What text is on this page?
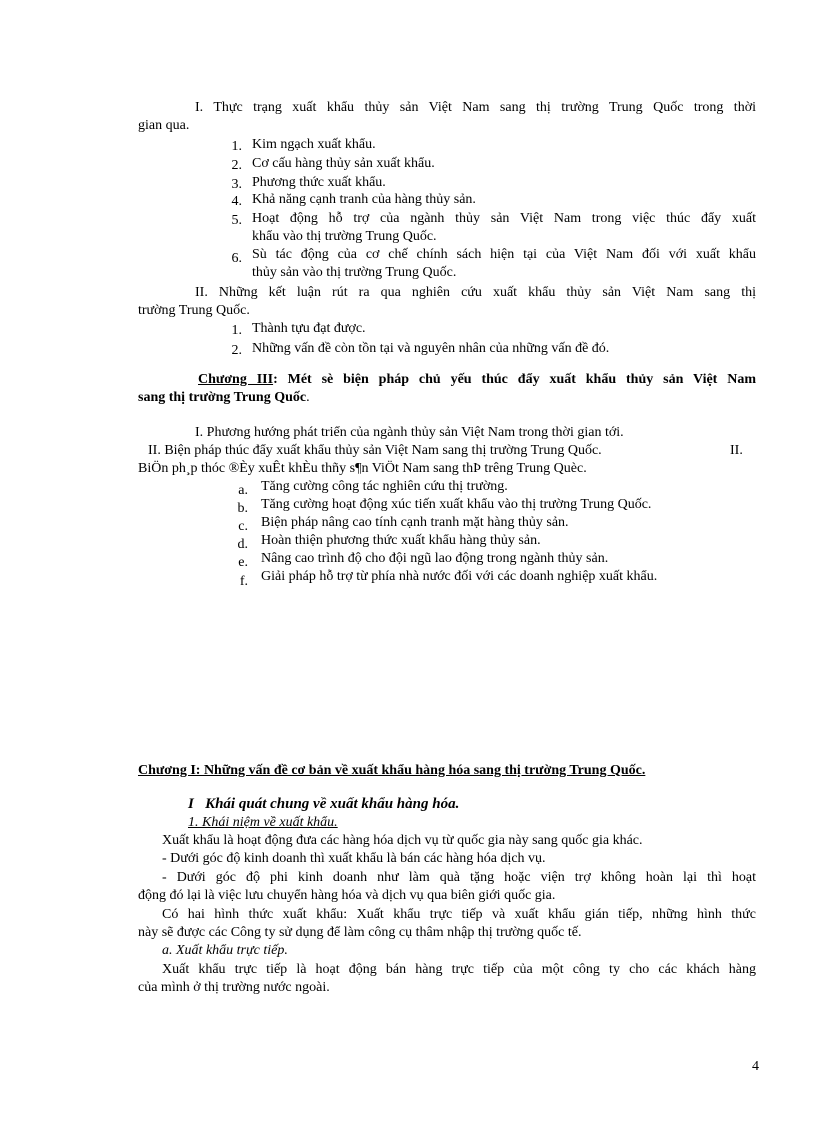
I. Thực trạng xuất khẩu thủy sản Việt Nam sang thị trường Trung Quốc trong thời
gian qua.
1. Kim ngạch xuất khẩu.
2. Cơ cấu hàng thủy sản xuất khẩu.
3. Phương thức xuất khẩu.
4. Khả năng cạnh tranh của hàng thủy sản.
5. Hoạt động hỗ trợ của ngành thủy sản Việt Nam trong việc thúc đẩy xuất
khẩu vào thị trường Trung Quốc.
6. Sù tác động của cơ chế chính sách hiện tại của Việt Nam đối với xuất khẩu
thủy sản vào thị trường Trung Quốc.
II. Những kết luận rút ra qua nghiên cứu xuất khẩu thủy sản Việt Nam sang thị
trường Trung Quốc.
1. Thành tựu đạt được.
2. Những vấn đề còn tồn tại và nguyên nhân của những vấn đề đó.
Chương III: Mét sè biện pháp chủ yếu thúc đẩy xuất khẩu thủy sản Việt Nam
sang thị trường Trung Quốc.
I. Phương hướng phát triển của ngành thủy sản Việt Nam trong thời gian tới.
II. Biện pháp thúc đẩy xuất khẩu thủy sản Việt Nam sang thị trường Trung Quốc.	II.
BiÖn ph¸p thóc ®Èy xuÊt khÈu thñy s¶n ViÖt Nam sang thÞ trêng Trung Quèc.
a. Tăng cường công tác nghiên cứu thị trường.
b. Tăng cường hoạt động xúc tiến xuất khẩu vào thị trường Trung Quốc.
c. Biện pháp nâng cao tính cạnh tranh mặt hàng thủy sản.
d. Hoàn thiện phương thức xuất khẩu hàng thủy sản.
e. Nâng cao trình độ cho đội ngũ lao động trong ngành thủy sản.
f. Giải pháp hỗ trợ từ phía nhà nước đối với các doanh nghiệp xuất khẩu.
Chương I: Những vấn đề cơ bản về xuất khẩu hàng hóa sang thị trường Trung Quốc.
I   Khái quát chung về xuất khẩu hàng hóa.
1. Khái niệm về xuất khẩu.
Xuất khẩu là hoạt động đưa các hàng hóa dịch vụ từ quốc gia này sang quốc gia khác.
- Dưới góc độ kinh doanh thì xuất khẩu là bán các hàng hóa dịch vụ.
- Dưới góc độ phi kinh doanh như làm quà tặng hoặc viện trợ không hoàn lại thì hoạt
động đó lại là việc lưu chuyển hàng hóa và dịch vụ qua biên giới quốc gia.
Có hai hình thức xuất khẩu: Xuất khẩu trực tiếp và xuất khẩu gián tiếp, những hình thức
này sẽ được các Công ty sử dụng để làm công cụ thâm nhập thị trường quốc tế.
a. Xuất khẩu trực tiếp.
Xuất khẩu trực tiếp là hoạt động bán hàng trực tiếp của một công ty cho các khách hàng
của mình ở thị trường nước ngoài.
4
